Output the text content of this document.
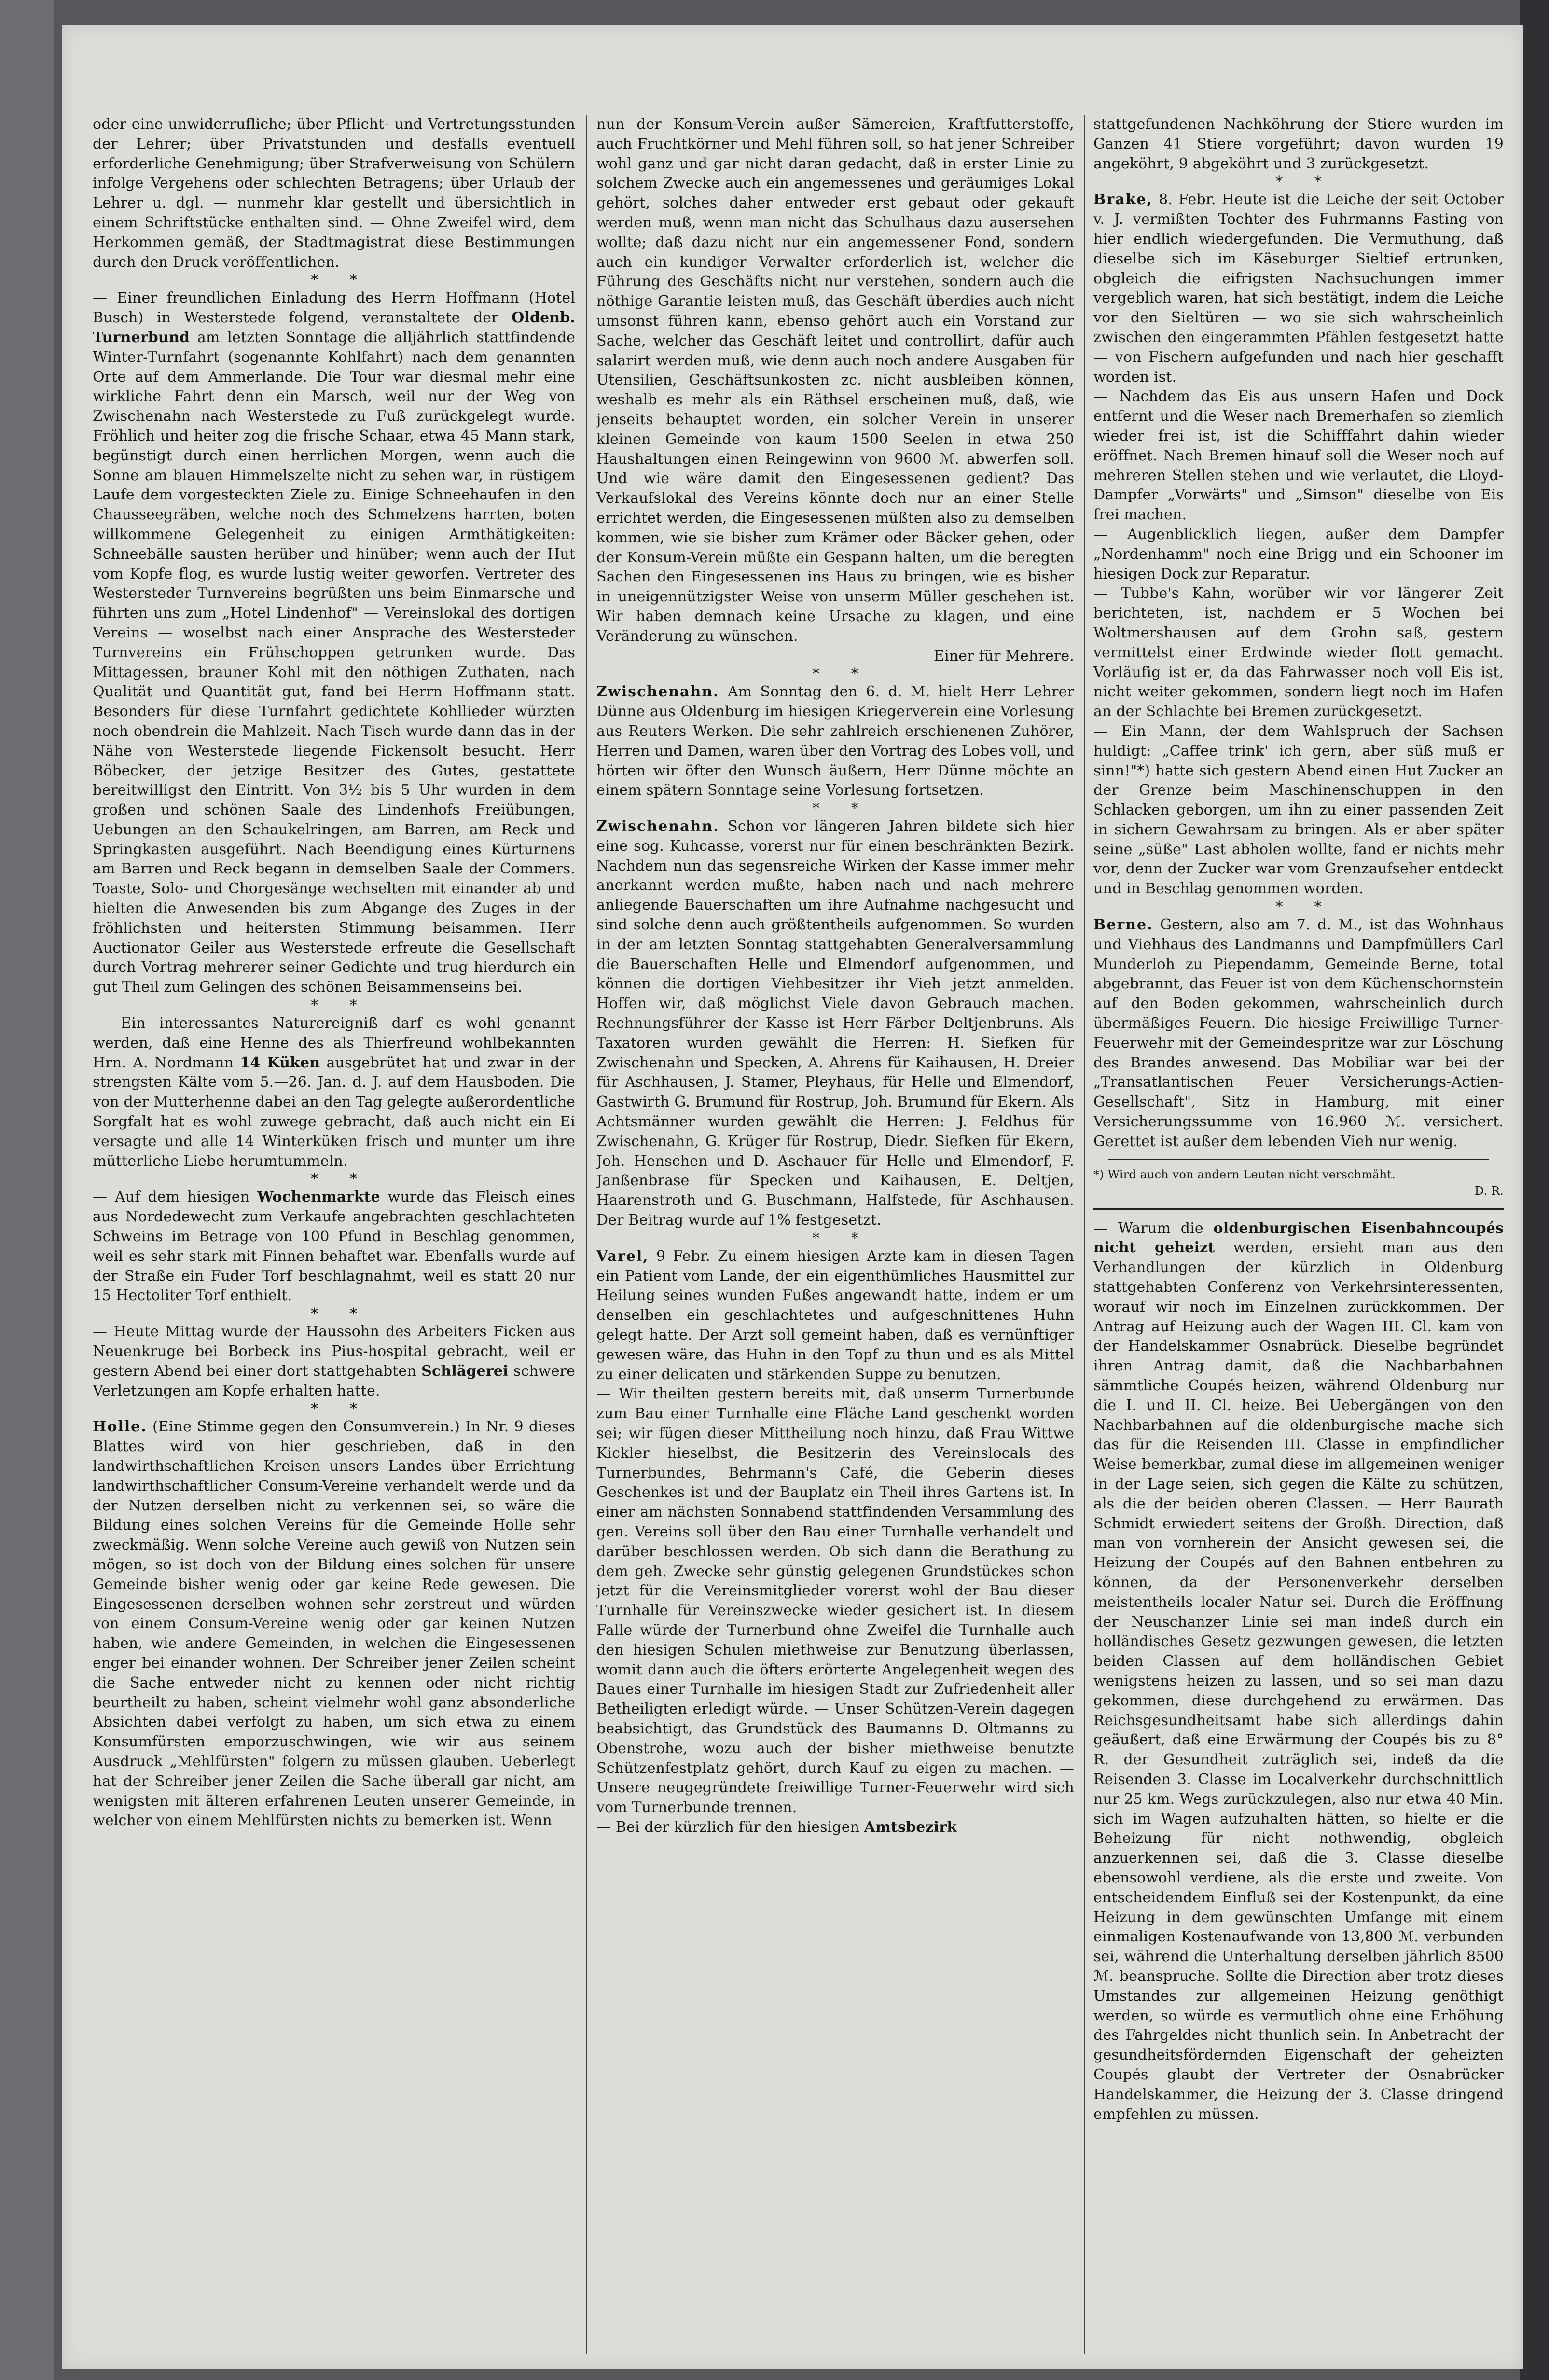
oder eine unwiderrufliche; über Pflicht- und Vertretungsstunden der Lehrer; über Privatstunden und desfalls eventuell erforderliche Genehmigung; über Strafverweisung von Schülern infolge Vergehens oder schlechten Betragens; über Urlaub der Lehrer u. dgl. — nunmehr klar gestellt und übersichtlich in einem Schriftstücke enthalten sind. — Ohne Zweifel wird, dem Herkommen gemäß, der Stadtmagistrat diese Bestimmungen durch den Druck veröffentlichen.

* *

— Einer freundlichen Einladung des Herrn Hoffmann (Hotel Busch) in Westerstede folgend, veranstaltete der Oldenb. Turnerbund am letzten Sonntage die alljährlich stattfindende Winter-Turnfahrt (sogenannte Kohlfahrt) nach dem genannten Orte auf dem Ammerlande. Die Tour war diesmal mehr eine wirkliche Fahrt denn ein Marsch, weil nur der Weg von Zwischenahn nach Westerstede zu Fuß zurückgelegt wurde. Fröhlich und heiter zog die frische Schaar, etwa 45 Mann stark, begünstigt durch einen herrlichen Morgen, wenn auch die Sonne am blauen Himmelszelte nicht zu sehen war, in rüstigem Laufe dem vorgesteckten Ziele zu. Einige Schneehaufen in den Chausseegräben, welche noch des Schmelzens harrten, boten willkommene Gelegenheit zu einigen Armthätigkeiten: Schneebälle sausten herüber und hinüber; wenn auch der Hut vom Kopfe flog, es wurde lustig weiter geworfen. Vertreter des Westersteder Turnvereins begrüßten uns beim Einmarsche und führten uns zum „Hotel Lindenhof" — Vereinslokal des dortigen Vereins — woselbst nach einer Ansprache des Westersteder Turnvereins ein Frühschoppen getrunken wurde. Das Mittagessen, brauner Kohl mit den nöthigen Zuthaten, nach Qualität und Quantität gut, fand bei Herrn Hoffmann statt. Besonders für diese Turnfahrt gedichtete Kohllieder würzten noch obendrein die Mahlzeit. Nach Tisch wurde dann das in der Nähe von Westerstede liegende Fickensolt besucht. Herr Böbecker, der jetzige Besitzer des Gutes, gestattete bereitwilligst den Eintritt. Von 3½ bis 5 Uhr wurden in dem großen und schönen Saale des Lindenhofs Freiübungen, Uebungen an den Schaukelringen, am Barren, am Reck und Springkasten ausgeführt. Nach Beendigung eines Kürturnens am Barren und Reck begann in demselben Saale der Commers. Toaste, Solo- und Chorgesänge wechselten mit einander ab und hielten die Anwesenden bis zum Abgange des Zuges in der fröhlichsten und heitersten Stimmung beisammen. Herr Auctionator Geiler aus Westerstede erfreute die Gesellschaft durch Vortrag mehrerer seiner Gedichte und trug hierdurch ein gut Theil zum Gelingen des schönen Beisammenseins bei.

* *

— Ein interessantes Naturereigniß darf es wohl genannt werden, daß eine Henne des als Thierfreund wohlbekannten Hrn. A. Nordmann 14 Küken ausgebrütet hat und zwar in der strengsten Kälte vom 5.—26. Jan. d. J. auf dem Hausboden. Die von der Mutterhenne dabei an den Tag gelegte außerordentliche Sorgfalt hat es wohl zuwege gebracht, daß auch nicht ein Ei versagte und alle 14 Winterküken frisch und munter um ihre mütterliche Liebe herumtummeln.

* *

— Auf dem hiesigen Wochenmarkte wurde das Fleisch eines aus Nordedewecht zum Verkaufe angebrachten geschlachteten Schweins im Betrage von 100 Pfund in Beschlag genommen, weil es sehr stark mit Finnen behaftet war. Ebenfalls wurde auf der Straße ein Fuder Torf beschlagnahmt, weil es statt 20 nur 15 Hectoliter Torf enthielt.

* *

— Heute Mittag wurde der Haussohn des Arbeiters Ficken aus Neuenkruge bei Borbeck ins Pius-hospital gebracht, weil er gestern Abend bei einer dort stattgehabten Schlägerei schwere Verletzungen am Kopfe erhalten hatte.

* *

Holle. (Eine Stimme gegen den Consumverein.) In Nr. 9 dieses Blattes wird von hier geschrieben, daß in den landwirthschaftlichen Kreisen unsers Landes über Errichtung landwirthschaftlicher Consum-Vereine verhandelt werde und da der Nutzen derselben nicht zu verkennen sei, so wäre die Bildung eines solchen Vereins für die Gemeinde Holle sehr zweckmäßig. Wenn solche Vereine auch gewiß von Nutzen sein mögen, so ist doch von der Bildung eines solchen für unsere Gemeinde bisher wenig oder gar keine Rede gewesen. Die Eingesessenen derselben wohnen sehr zerstreut und würden von einem Consum-Vereine wenig oder gar keinen Nutzen haben, wie andere Gemeinden, in welchen die Eingesessenen enger bei einander wohnen. Der Schreiber jener Zeilen scheint die Sache entweder nicht zu kennen oder nicht richtig beurtheilt zu haben, scheint vielmehr wohl ganz absonderliche Absichten dabei verfolgt zu haben, um sich etwa zu einem Konsumfürsten emporzuschwingen, wie wir aus seinem Ausdruck „Mehlfürsten" folgern zu müssen glauben. Ueberlegt hat der Schreiber jener Zeilen die Sache überall gar nicht, am wenigsten mit älteren erfahrenen Leuten unserer Gemeinde, in welcher von einem Mehlfürsten nichts zu bemerken ist. Wenn

nun der Konsum-Verein außer Sämereien, Kraftfutterstoffe, auch Fruchtkörner und Mehl führen soll, so hat jener Schreiber wohl ganz und gar nicht daran gedacht, daß in erster Linie zu solchem Zwecke auch ein angemessenes und geräumiges Lokal gehört, solches daher entweder erst gebaut oder gekauft werden muß, wenn man nicht das Schulhaus dazu ausersehen wollte; daß dazu nicht nur ein angemessener Fond, sondern auch ein kundiger Verwalter erforderlich ist, welcher die Führung des Geschäfts nicht nur verstehen, sondern auch die nöthige Garantie leisten muß, das Geschäft überdies auch nicht umsonst führen kann, ebenso gehört auch ein Vorstand zur Sache, welcher das Geschäft leitet und controllirt, dafür auch salarirt werden muß, wie denn auch noch andere Ausgaben für Utensilien, Geschäftsunkosten zc. nicht ausbleiben können, weshalb es mehr als ein Räthsel erscheinen muß, daß, wie jenseits behauptet worden, ein solcher Verein in unserer kleinen Gemeinde von kaum 1500 Seelen in etwa 250 Haushaltungen einen Reingewinn von 9600 ℳ. abwerfen soll. Und wie wäre damit den Eingesessenen gedient? Das Verkaufslokal des Vereins könnte doch nur an einer Stelle errichtet werden, die Eingesessenen müßten also zu demselben kommen, wie sie bisher zum Krämer oder Bäcker gehen, oder der Konsum-Verein müßte ein Gespann halten, um die beregten Sachen den Eingesessenen ins Haus zu bringen, wie es bisher in uneigennützigster Weise von unserm Müller geschehen ist. Wir haben demnach keine Ursache zu klagen, und eine Veränderung zu wünschen.

Einer für Mehrere.

* *

Zwischenahn. Am Sonntag den 6. d. M. hielt Herr Lehrer Dünne aus Oldenburg im hiesigen Kriegerverein eine Vorlesung aus Reuters Werken. Die sehr zahlreich erschienenen Zuhörer, Herren und Damen, waren über den Vortrag des Lobes voll, und hörten wir öfter den Wunsch äußern, Herr Dünne möchte an einem spätern Sonntage seine Vorlesung fortsetzen.

* *

Zwischenahn. Schon vor längeren Jahren bildete sich hier eine sog. Kuhcasse, vorerst nur für einen beschränkten Bezirk. Nachdem nun das segensreiche Wirken der Kasse immer mehr anerkannt werden mußte, haben nach und nach mehrere anliegende Bauerschaften um ihre Aufnahme nachgesucht und sind solche denn auch größtentheils aufgenommen. So wurden in der am letzten Sonntag stattgehabten Generalversammlung die Bauerschaften Helle und Elmendorf aufgenommen, und können die dortigen Viehbesitzer ihr Vieh jetzt anmelden. Hoffen wir, daß möglichst Viele davon Gebrauch machen. Rechnungsführer der Kasse ist Herr Färber Deltjenbruns. Als Taxatoren wurden gewählt die Herren: H. Siefken für Zwischenahn und Specken, A. Ahrens für Kaihausen, H. Dreier für Aschhausen, J. Stamer, Pleyhaus, für Helle und Elmendorf, Gastwirth G. Brumund für Rostrup, Joh. Brumund für Ekern. Als Achtsmänner wurden gewählt die Herren: J. Feldhus für Zwischenahn, G. Krüger für Rostrup, Diedr. Siefken für Ekern, Joh. Henschen und D. Aschauer für Helle und Elmendorf, F. Janßenbrase für Specken und Kaihausen, E. Deltjen, Haarenstroth und G. Buschmann, Halfstede, für Aschhausen. Der Beitrag wurde auf 1% festgesetzt.

* *

Varel, 9 Febr. Zu einem hiesigen Arzte kam in diesen Tagen ein Patient vom Lande, der ein eigenthümliches Hausmittel zur Heilung seines wunden Fußes angewandt hatte, indem er um denselben ein geschlachtetes und aufgeschnittenes Huhn gelegt hatte. Der Arzt soll gemeint haben, daß es vernünftiger gewesen wäre, das Huhn in den Topf zu thun und es als Mittel zu einer delicaten und stärkenden Suppe zu benutzen.

— Wir theilten gestern bereits mit, daß unserm Turnerbunde zum Bau einer Turnhalle eine Fläche Land geschenkt worden sei; wir fügen dieser Mittheilung noch hinzu, daß Frau Wittwe Kickler hieselbst, die Besitzerin des Vereinslocals des Turnerbundes, Behrmann's Café, die Geberin dieses Geschenkes ist und der Bauplatz ein Theil ihres Gartens ist. In einer am nächsten Sonnabend stattfindenden Versammlung des gen. Vereins soll über den Bau einer Turnhalle verhandelt und darüber beschlossen werden. Ob sich dann die Berathung zu dem geh. Zwecke sehr günstig gelegenen Grundstückes schon jetzt für die Vereinsmitglieder vorerst wohl der Bau dieser Turnhalle für Vereinszwecke wieder gesichert ist. In diesem Falle würde der Turnerbund ohne Zweifel die Turnhalle auch den hiesigen Schulen miethweise zur Benutzung überlassen, womit dann auch die öfters erörterte Angelegenheit wegen des Baues einer Turnhalle im hiesigen Stadt zur Zufriedenheit aller Betheiligten erledigt würde. — Unser Schützen-Verein dagegen beabsichtigt, das Grundstück des Baumanns D. Oltmanns zu Obenstrohe, wozu auch der bisher miethweise benutzte Schützenfestplatz gehört, durch Kauf zu eigen zu machen. — Unsere neugegründete freiwillige Turner-Feuerwehr wird sich vom Turnerbunde trennen.

— Bei der kürzlich für den hiesigen Amtsbezirk

stattgefundenen Nachköhrung der Stiere wurden im Ganzen 41 Stiere vorgeführt; davon wurden 19 angeköhrt, 9 abgeköhrt und 3 zurückgesetzt.

* *

Brake, 8. Febr. Heute ist die Leiche der seit October v. J. vermißten Tochter des Fuhrmanns Fasting von hier endlich wiedergefunden. Die Vermuthung, daß dieselbe sich im Käseburger Sieltief ertrunken, obgleich die eifrigsten Nachsuchungen immer vergeblich waren, hat sich bestätigt, indem die Leiche vor den Sieltüren — wo sie sich wahrscheinlich zwischen den eingerammten Pfählen festgesetzt hatte — von Fischern aufgefunden und nach hier geschafft worden ist.

— Nachdem das Eis aus unsern Hafen und Dock entfernt und die Weser nach Bremerhafen so ziemlich wieder frei ist, ist die Schifffahrt dahin wieder eröffnet. Nach Bremen hinauf soll die Weser noch auf mehreren Stellen stehen und wie verlautet, die Lloyd-Dampfer „Vorwärts" und „Simson" dieselbe von Eis frei machen.

— Augenblicklich liegen, außer dem Dampfer „Nordenhamm" noch eine Brigg und ein Schooner im hiesigen Dock zur Reparatur.

— Tubbe's Kahn, worüber wir vor längerer Zeit berichteten, ist, nachdem er 5 Wochen bei Woltmershausen auf dem Grohn saß, gestern vermittelst einer Erdwinde wieder flott gemacht. Vorläufig ist er, da das Fahrwasser noch voll Eis ist, nicht weiter gekommen, sondern liegt noch im Hafen an der Schlachte bei Bremen zurückgesetzt.

— Ein Mann, der dem Wahlspruch der Sachsen huldigt: „Caffee trink' ich gern, aber süß muß er sinn!"*) hatte sich gestern Abend einen Hut Zucker an der Grenze beim Maschinenschuppen in den Schlacken geborgen, um ihn zu einer passenden Zeit in sichern Gewahrsam zu bringen. Als er aber später seine „süße" Last abholen wollte, fand er nichts mehr vor, denn der Zucker war vom Grenzaufseher entdeckt und in Beschlag genommen worden.

* *

Berne. Gestern, also am 7. d. M., ist das Wohnhaus und Viehhaus des Landmanns und Dampfmüllers Carl Munderloh zu Piependamm, Gemeinde Berne, total abgebrannt, das Feuer ist von dem Küchenschornstein auf den Boden gekommen, wahrscheinlich durch übermäßiges Feuern. Die hiesige Freiwillige Turner-Feuerwehr mit der Gemeindespritze war zur Löschung des Brandes anwesend. Das Mobiliar war bei der „Transatlantischen Feuer Versicherungs-Actien-Gesellschaft", Sitz in Hamburg, mit einer Versicherungssumme von 16.960 ℳ. versichert. Gerettet ist außer dem lebenden Vieh nur wenig.

*) Wird auch von andern Leuten nicht verschmäht.

D. R.

— Warum die oldenburgischen Eisenbahncoupés nicht geheizt werden, ersieht man aus den Verhandlungen der kürzlich in Oldenburg stattgehabten Conferenz von Verkehrsinteressenten, worauf wir noch im Einzelnen zurückkommen. Der Antrag auf Heizung auch der Wagen III. Cl. kam von der Handelskammer Osnabrück. Dieselbe begründet ihren Antrag damit, daß die Nachbarbahnen sämmtliche Coupés heizen, während Oldenburg nur die I. und II. Cl. heize. Bei Uebergängen von den Nachbarbahnen auf die oldenburgische mache sich das für die Reisenden III. Classe in empfindlicher Weise bemerkbar, zumal diese im allgemeinen weniger in der Lage seien, sich gegen die Kälte zu schützen, als die der beiden oberen Classen. — Herr Baurath Schmidt erwiedert seitens der Großh. Direction, daß man von vornherein der Ansicht gewesen sei, die Heizung der Coupés auf den Bahnen entbehren zu können, da der Personenverkehr derselben meistentheils localer Natur sei. Durch die Eröffnung der Neuschanzer Linie sei man indeß durch ein holländisches Gesetz gezwungen gewesen, die letzten beiden Classen auf dem holländischen Gebiet wenigstens heizen zu lassen, und so sei man dazu gekommen, diese durchgehend zu erwärmen. Das Reichsgesundheitsamt habe sich allerdings dahin geäußert, daß eine Erwärmung der Coupés bis zu 8° R. der Gesundheit zuträglich sei, indeß da die Reisenden 3. Classe im Localverkehr durchschnittlich nur 25 km. Wegs zurückzulegen, also nur etwa 40 Min. sich im Wagen aufzuhalten hätten, so hielte er die Beheizung für nicht nothwendig, obgleich anzuerkennen sei, daß die 3. Classe dieselbe ebensowohl verdiene, als die erste und zweite. Von entscheidendem Einfluß sei der Kostenpunkt, da eine Heizung in dem gewünschten Umfange mit einem einmaligen Kostenaufwande von 13,800 ℳ. verbunden sei, während die Unterhaltung derselben jährlich 8500 ℳ. beanspruche. Sollte die Direction aber trotz dieses Umstandes zur allgemeinen Heizung genöthigt werden, so würde es vermutlich ohne eine Erhöhung des Fahrgeldes nicht thunlich sein. In Anbetracht der gesundheitsfördernden Eigenschaft der geheizten Coupés glaubt der Vertreter der Osnabrücker Handelskammer, die Heizung der 3. Classe dringend empfehlen zu müssen.
